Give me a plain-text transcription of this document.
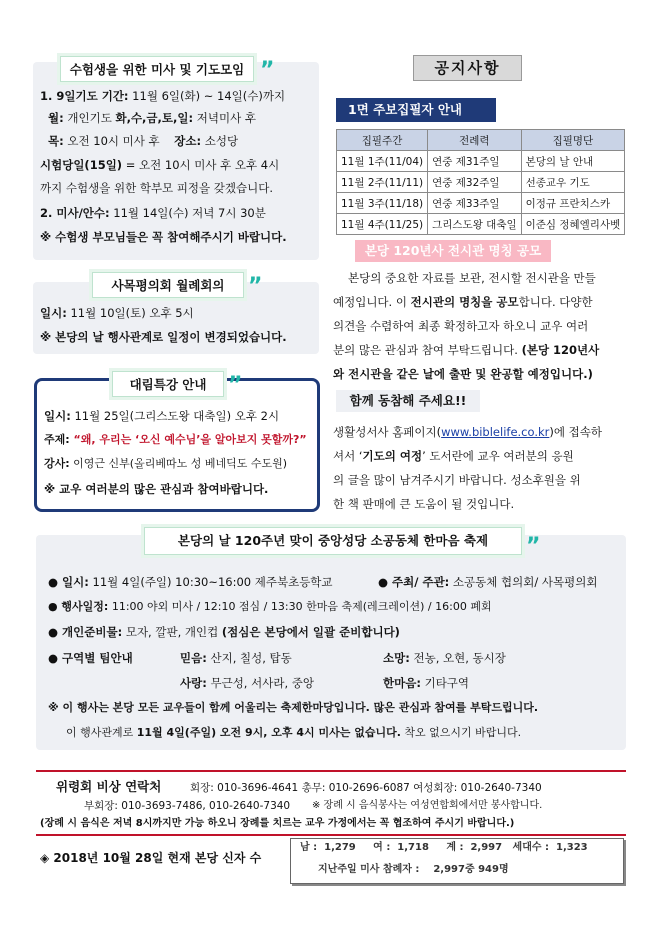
수험생을 위한 미사 및 기도모임 ”
1. 9일기도 기간: 11월 6일(화) ~ 14일(수)까지
월: 개인기도 화,수,금,토,일: 저녁미사 후
목: 오전 10시 미사 후 장소: 소성당
시험당일(15일) = 오전 10시 미사 후 오후 4시
까지 수험생을 위한 학부모 피정을 갖겠습니다.
2. 미사/안수: 11월 14일(수) 저녁 7시 30분
※ 수험생 부모님들은 꼭 참여해주시기 바랍니다.
사목평의회 월례회의	”
일시: 11월 10일(토) 오후 5시
※ 본당의 날 행사관계로 일정이 변경되었습니다.
대림특강 안내 ”
일시: 11월 25일(그리스도왕 대축일) 오후 2시
주제: “왜, 우리는 ‘오신 예수님’을 알아보지 못할까?”
강사: 이영근 신부(올리베따노 성 베네딕도 수도원)
※ 교우 여러분의 많은 관심과 참여바랍니다.
공지사항
1면 주보집필자 안내
집필주간	전례력	집필명단
11월 1주(11/04)	연중 제31주일	본당의 날 안내
11월 2주(11/11)	연중 제32주일	선종교우 기도
11월 3주(11/18)	연중 제33주일	이정규 프란치스카
11월 4주(11/25)	그리스도왕 대축일	이준심 정혜엘리사벳
본당 120년사 전시관 명칭 공모
본당의 중요한 자료를 보관, 전시할 전시관을 만들
예정입니다. 이 전시관의 명칭을 공모합니다. 다양한
의견을 수렴하여 최종 확정하고자 하오니 교우 여러
분의 많은 관심과 참여 부탁드립니다. (본당 120년사
와 전시관을 같은 날에 출판 및 완공할 예정입니다.)
함께 동참해 주세요!!
생활성서사 홈페이지(www.biblelife.co.kr)에 접속하
셔서 ‘기도의 여정’ 도서란에 교우 여러분의 응원
의 글을 많이 남겨주시기 바랍니다. 성소후원을 위
한 책 판매에 큰 도움이 될 것입니다.
본당의 날 120주년 맞이 중앙성당 소공동체 한마음 축제	”
● 일시: 11월 4일(주일) 10:30~16:00 제주북초등학교	● 주최/ 주관: 소공동체 협의회/ 사목평의회
● 행사일정: 11:00 야외 미사 / 12:10 점심 / 13:30 한마음 축제(레크레이션) / 16:00 폐회
● 개인준비물: 모자, 깔판, 개인컵 (점심은 본당에서 일괄 준비합니다)
● 구역별 팀안내	믿음: 산지, 칠성, 탑동	소망: 전농, 오현, 동시장
사랑: 무근성, 서사라, 중앙	한마음: 기타구역
※ 이 행사는 본당 모든 교우들이 함께 어울리는 축제한마당입니다. 많은 관심과 참여를 부탁드립니다.
이 행사관계로 11월 4일(주일) 오전 9시, 오후 4시 미사는 없습니다. 착오 없으시기 바랍니다.
위령회 비상 연락처	회장: 010-3696-4641 총무: 010-2696-6087 여성회장: 010-2640-7340
부회장: 010-3693-7486, 010-2640-7340 ※ 장례 시 음식봉사는 여성연합회에서만 봉사합니다.
(장례 시 음식은 저녁 8시까지만 가능 하오니 장례를 치르는 교우 가정에서는 꼭 협조하여 주시기 바랍니다.)
◈ 2018년 10월 28일 현재 본당 신자 수
남 : 1,279 여 : 1,718 계 : 2,997 세대수 : 1,323
지난주일 미사 참례자 : 2,997중 949명
